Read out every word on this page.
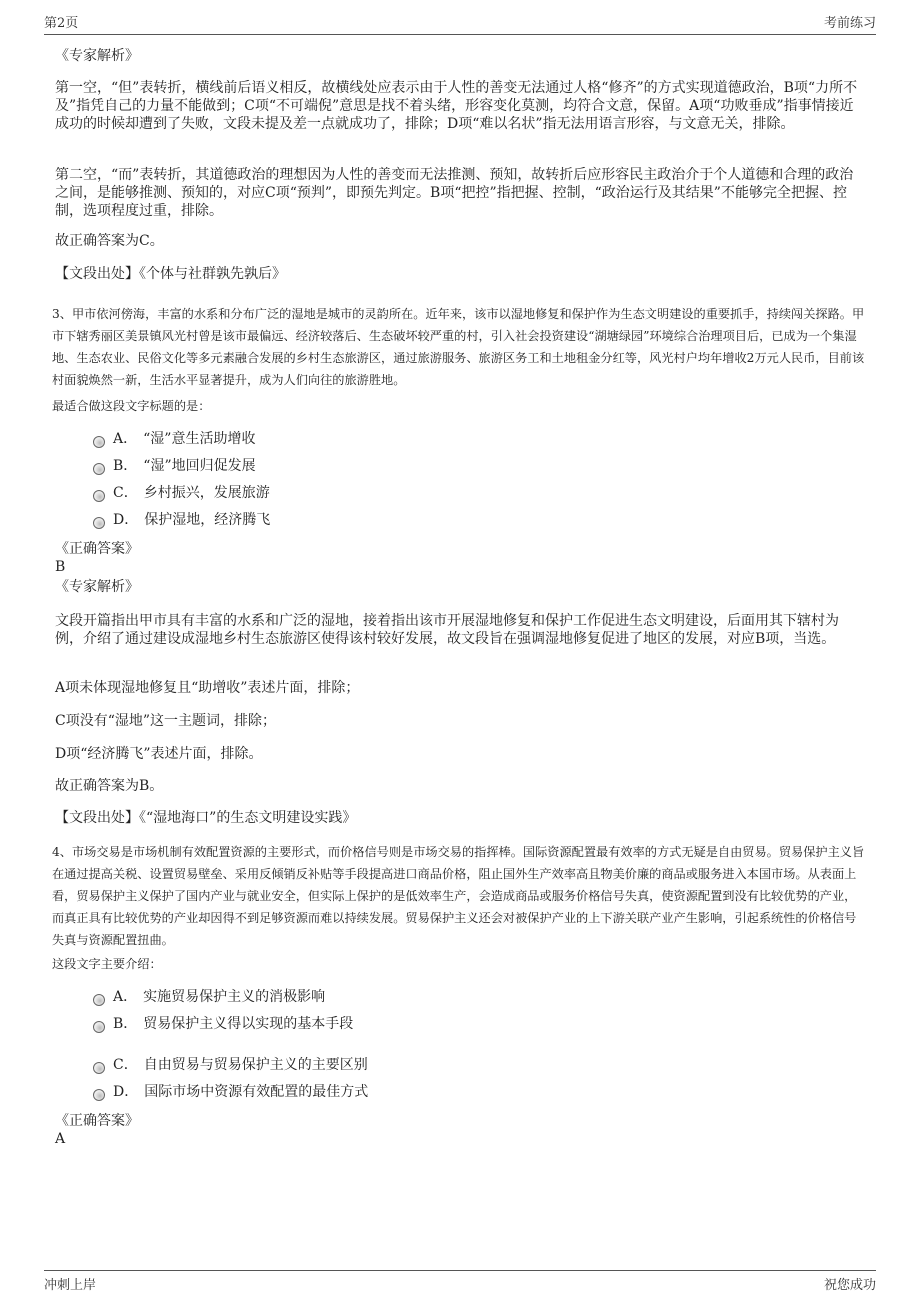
第2页	考前练习
《专家解析》
第一空，“但”表转折，横线前后语义相反，故横线处应表示由于人性的善变无法通过人格“修齐”的方式实现道德政治，B项“力所不及”指凭自己的力量不能做到；C项“不可端倪”意思是找不着头绪，形容变化莫测，均符合文意，保留。A项“功败垂成”指事情接近成功的时候却遭到了失败，文段未提及差一点就成功了，排除；D项“难以名状”指无法用语言形容，与文意无关，排除。
第二空，“而”表转折，其道德政治的理想因为人性的善变而无法推测、预知，故转折后应形容民主政治介于个人道德和合理的政治之间，是能够推测、预知的，对应C项“预判”，即预先判定。B项“把控”指把握、控制，“政治运行及其结果”不能够完全把握、控制，选项程度过重，排除。
故正确答案为C。
【文段出处】《个体与社群孰先孰后》
3、甲市依河傍海，丰富的水系和分布广泛的湿地是城市的灵韵所在。近年来，该市以湿地修复和保护作为生态文明建设的重要抓手，持续闯关探路。甲市下辖秀丽区美景镇风光村曾是该市最偏远、经济较落后、生态破坏较严重的村，引入社会投资建设“湖塘绿园”环境综合治理项目后，已成为一个集湿地、生态农业、民俗文化等多元素融合发展的乡村生态旅游区，通过旅游服务、旅游区务工和土地租金分红等，风光村户均年增收2万元人民币，目前该村面貌焕然一新，生活水平显著提升，成为人们向往的旅游胜地。
最适合做这段文字标题的是：
A． “湿”意生活助增收
B． “湿”地回归促发展
C． 乡村振兴，发展旅游
D． 保护湿地，经济腾飞
《正确答案》
B
《专家解析》
文段开篇指出甲市具有丰富的水系和广泛的湿地，接着指出该市开展湿地修复和保护工作促进生态文明建设，后面用其下辖村为例，介绍了通过建设成湿地乡村生态旅游区使得该村较好发展，故文段旨在强调湿地修复促进了地区的发展，对应B项，当选。
A项未体现湿地修复且“助增收”表述片面，排除；
C项没有“湿地”这一主题词，排除；
D项“经济腾飞”表述片面，排除。
故正确答案为B。
【文段出处】《“湿地海口”的生态文明建设实践》
4、市场交易是市场机制有效配置资源的主要形式，而价格信号则是市场交易的指挥棒。国际资源配置最有效率的方式无疑是自由贸易。贸易保护主义旨在通过提高关税、设置贸易壁垒、采用反倾销反补贴等手段提高进口商品价格，阻止国外生产效率高且物美价廉的商品或服务进入本国市场。从表面上看，贸易保护主义保护了国内产业与就业安全，但实际上保护的是低效率生产，会造成商品或服务价格信号失真，使资源配置到没有比较优势的产业，而真正具有比较优势的产业却因得不到足够资源而难以持续发展。贸易保护主义还会对被保护产业的上下游关联产业产生影响，引起系统性的价格信号失真与资源配置扭曲。
这段文字主要介绍：
A． 实施贸易保护主义的消极影响
B． 贸易保护主义得以实现的基本手段
C． 自由贸易与贸易保护主义的主要区别
D． 国际市场中资源有效配置的最佳方式
《正确答案》
A
冲刺上岸	祝您成功
